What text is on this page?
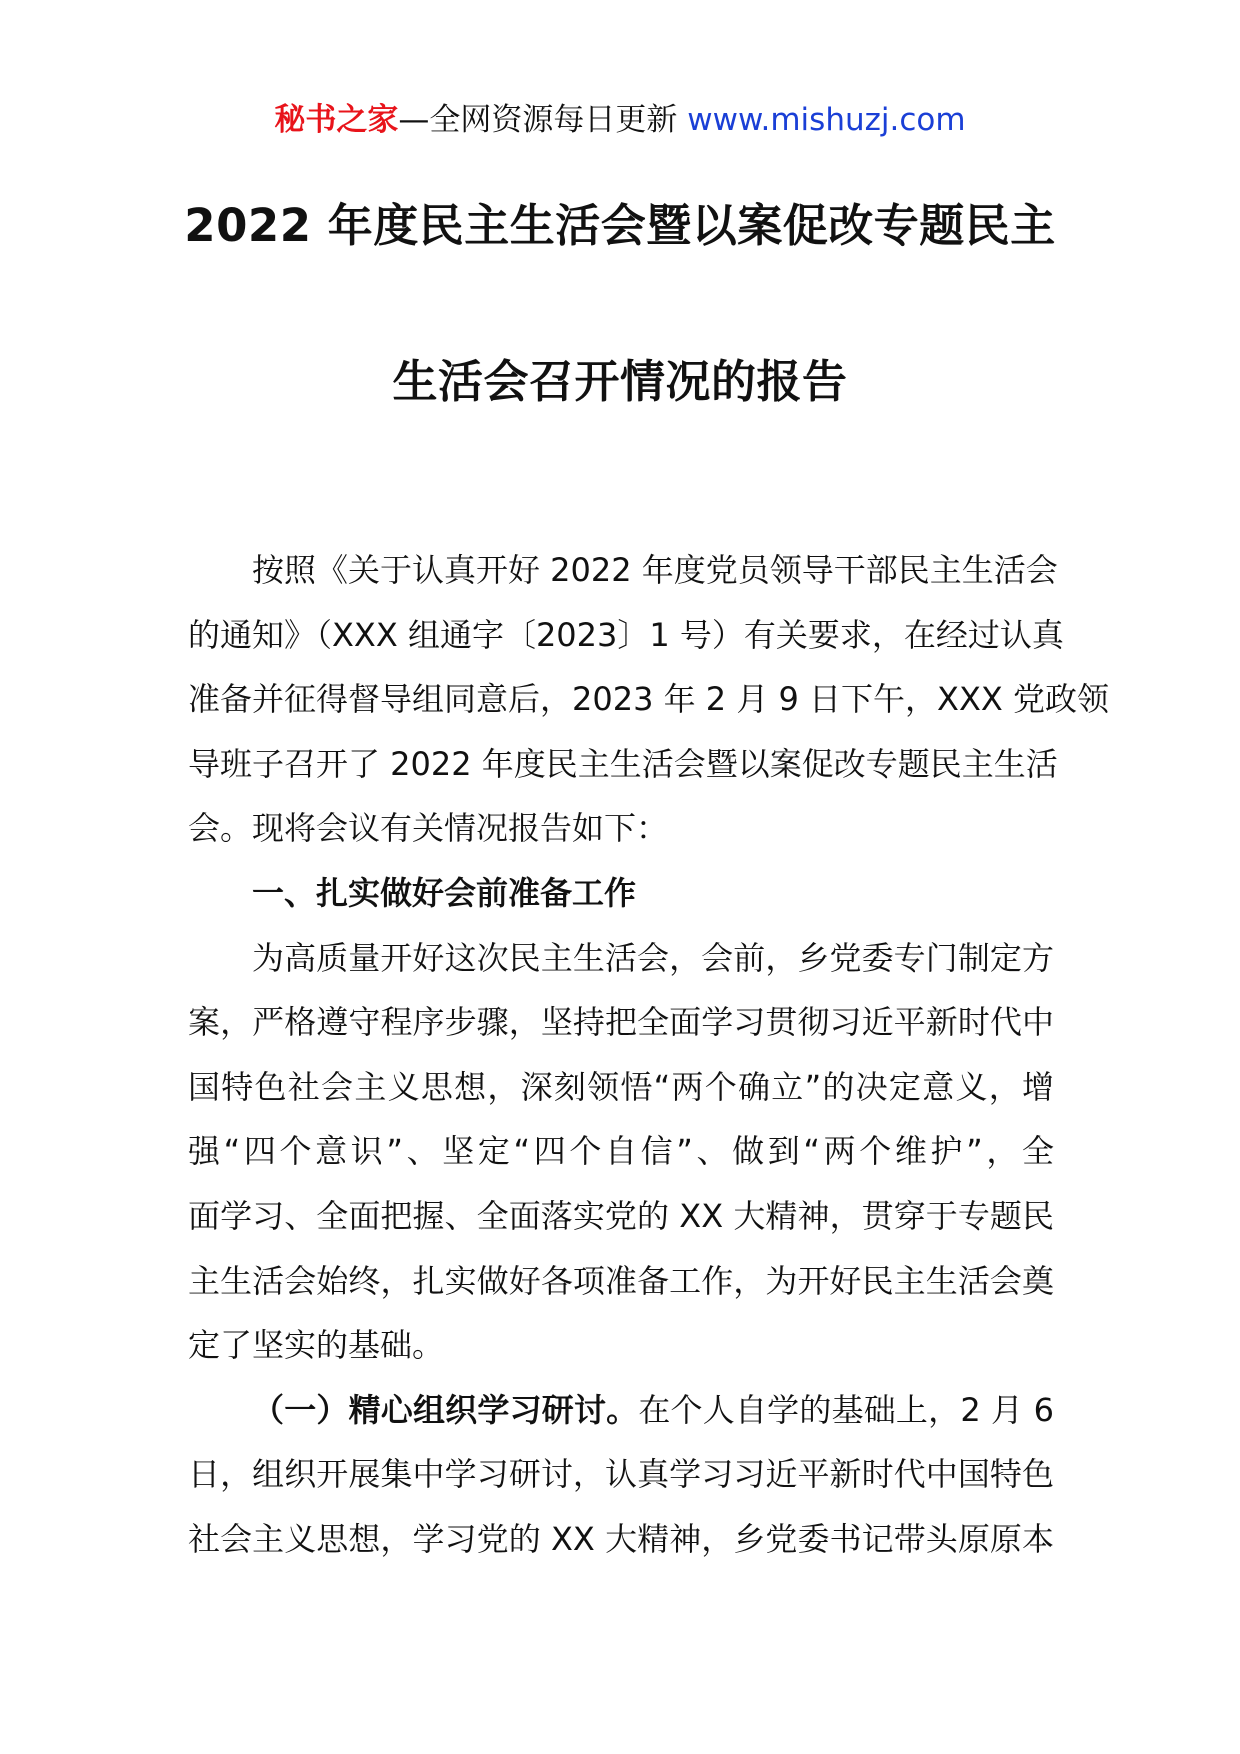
秘书之家—全网资源每日更新 www.mishuzj.com
2022 年度民主生活会暨以案促改专题民主
生活会召开情况的报告
按照《关于认真开好 2022 年度党员领导干部民主生活会
的通知》（XXX 组通字〔2023〕1 号）有关要求，在经过认真
准备并征得督导组同意后，2023 年 2 月 9 日下午，XXX 党政领
导班子召开了 2022 年度民主生活会暨以案促改专题民主生活
会。现将会议有关情况报告如下：
一、扎实做好会前准备工作
为高质量开好这次民主生活会，会前，乡党委专门制定方
案，严格遵守程序步骤，坚持把全面学习贯彻习近平新时代中
国特色社会主义思想，深刻领悟“两个确立”的决定意义，增
强“四个意识”、坚定“四个自信”、做到“两个维护”，全
面学习、全面把握、全面落实党的 XX 大精神，贯穿于专题民
主生活会始终，扎实做好各项准备工作，为开好民主生活会奠
定了坚实的基础。
（一）精心组织学习研讨。在个人自学的基础上，2 月 6
日，组织开展集中学习研讨，认真学习习近平新时代中国特色
社会主义思想，学习党的 XX 大精神，乡党委书记带头原原本
